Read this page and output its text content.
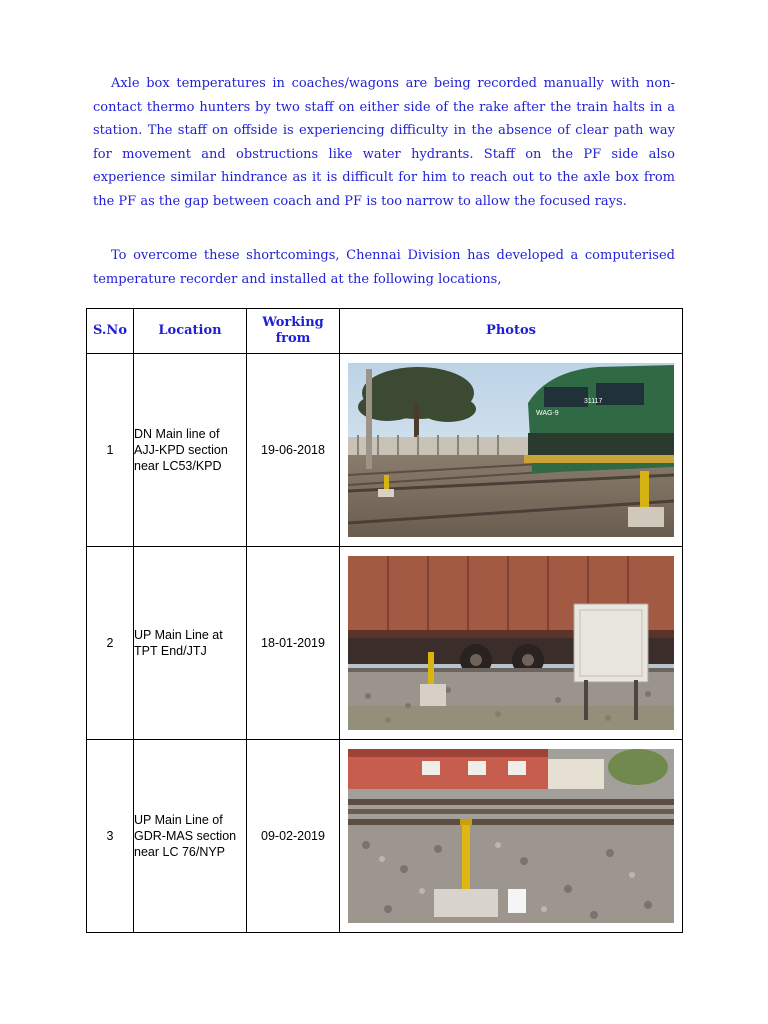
Axle box temperatures in coaches/wagons are being recorded manually with non-contact thermo hunters by two staff on either side of the rake after the train halts in a station. The staff on offside is experiencing difficulty in the absence of clear path way for movement and obstructions like water hydrants. Staff on the PF side also experience similar hindrance as it is difficult for him to reach out to the axle box from the PF as the gap between coach and PF is too narrow to allow the focused rays.

To overcome these shortcomings, Chennai Division has developed a computerised temperature recorder and installed at the following locations,

S.No	Location	Working from	Photos
1	DN Main line of AJJ-KPD section near LC53/KPD	19-06-2018	WAG-9
31117

2	UP Main Line at TPT End/JTJ	18-01-2019	

3	UP Main Line of GDR-MAS section near LC 76/NYP	09-02-2019	
